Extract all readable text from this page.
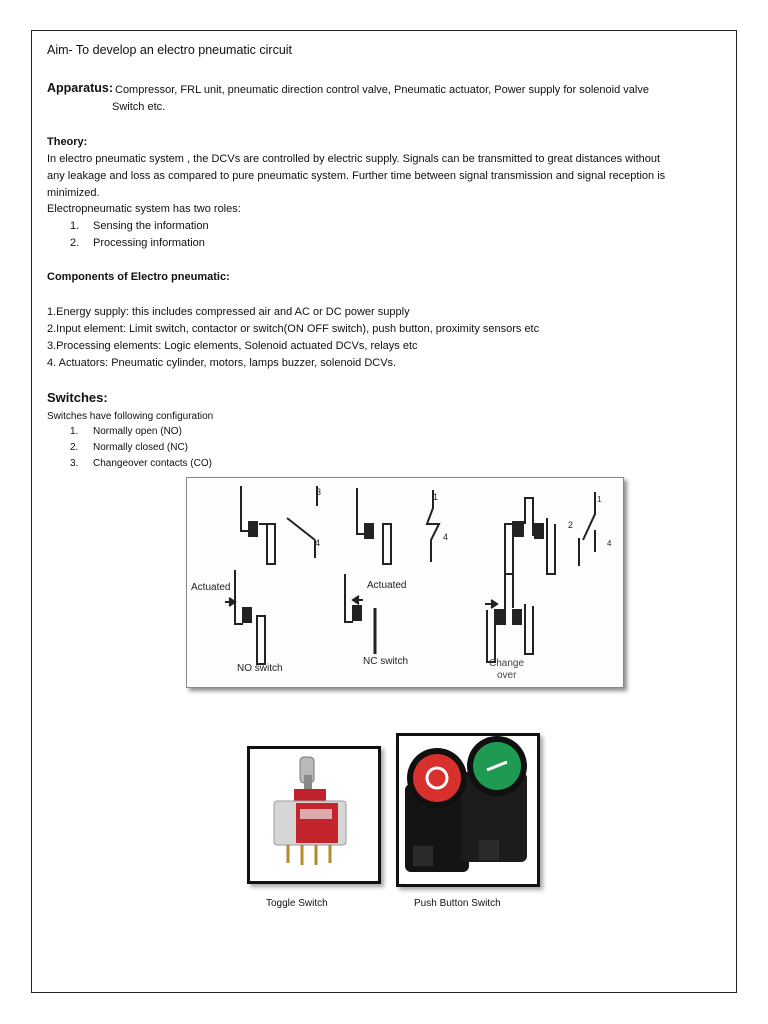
Aim- To develop an electro pneumatic circuit
Apparatus: Compressor, FRL unit, pneumatic direction control valve, Pneumatic actuator, Power supply for solenoid valve
Switch etc.
Theory:
In electro pneumatic system , the DCVs are controlled by electric supply. Signals can be transmitted to great distances without
any leakage and loss as compared to pure pneumatic system. Further time between signal transmission and signal reception is
minimized.
Electropneumatic system has two roles:
1. Sensing the information
2. Processing information
Components of Electro pneumatic:
1.Energy supply: this includes compressed air and AC or DC power supply
2.Input element: Limit switch, contactor or switch(ON OFF switch), push button, proximity sensors etc
3.Processing elements: Logic elements, Solenoid actuated DCVs, relays etc
4. Actuators: Pneumatic cylinder, motors, lamps buzzer, solenoid DCVs.
Switches:
Switches have following configuration
1. Normally open (NO)
2. Normally closed (NC)
3. Changeover contacts (CO)
3
4
1
4
2
1
4
Actuated	Actuated
NO switch
NC switch	Change
over
Toggle Switch	Push Button Switch
